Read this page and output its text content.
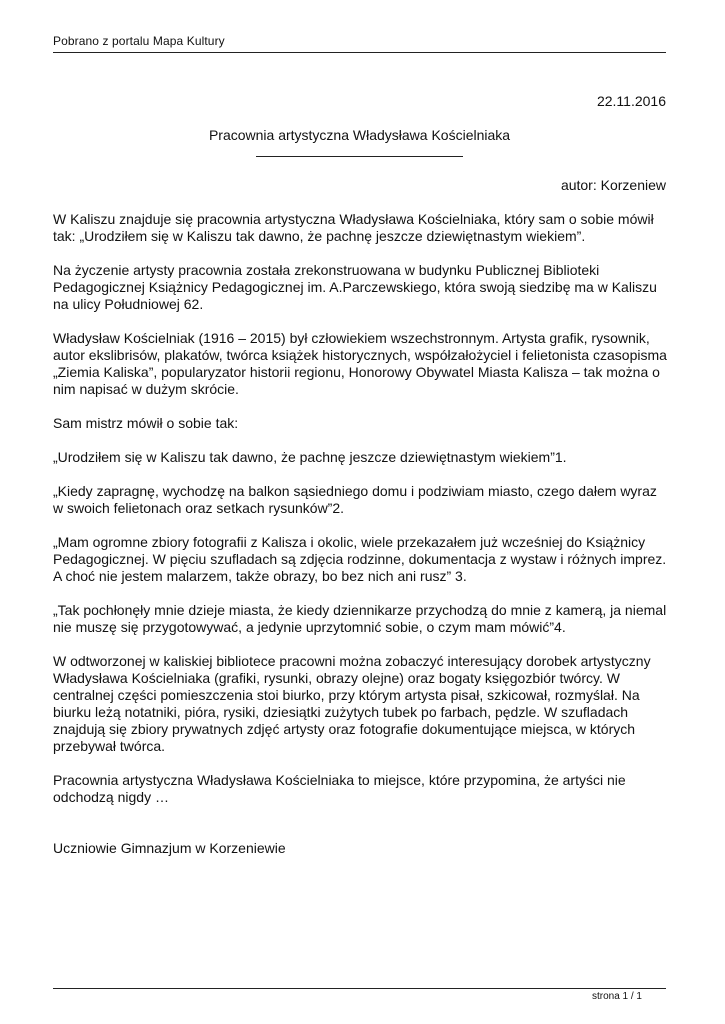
Pobrano z portalu Mapa Kultury
22.11.2016
Pracownia artystyczna Władysława Kościelniaka
autor: Korzeniew

W Kaliszu znajduje się pracownia artystyczna Władysława Kościelniaka, który sam o sobie mówił tak: „Urodziłem się w Kaliszu tak dawno, że pachnę jeszcze dziewiętnastym wiekiem”.

Na życzenie artysty pracownia została zrekonstruowana w budynku Publicznej Biblioteki Pedagogicznej Książnicy Pedagogicznej im. A.Parczewskiego, która swoją siedzibę ma w Kaliszu na ulicy Południowej 62.

Władysław Kościelniak (1916 – 2015) był człowiekiem wszechstronnym. Artysta grafik, rysownik, autor ekslibrisów, plakatów, twórca książek historycznych, współzałożyciel i felietonista czasopisma „Ziemia Kaliska”, popularyzator historii regionu, Honorowy Obywatel Miasta Kalisza – tak można o nim napisać w dużym skrócie.

Sam mistrz mówił o sobie tak:

„Urodziłem się w Kaliszu tak dawno, że pachnę jeszcze dziewiętnastym wiekiem”1.

„Kiedy zapragnę, wychodzę na balkon sąsiedniego domu i podziwiam miasto, czego dałem wyraz w swoich felietonach oraz setkach rysunków”2.

„Mam ogromne zbiory fotografii z Kalisza i okolic, wiele przekazałem już wcześniej do Książnicy Pedagogicznej. W pięciu szufladach są zdjęcia rodzinne, dokumentacja z wystaw i różnych imprez. A choć nie jestem malarzem, także obrazy, bo bez nich ani rusz” 3.

„Tak pochłonęły mnie dzieje miasta, że kiedy dziennikarze przychodzą do mnie z kamerą, ja niemal nie muszę się przygotowywać, a jedynie uprzytomnić sobie, o czym mam mówić”4.

W odtworzonej w kaliskiej bibliotece pracowni można zobaczyć interesujący dorobek artystyczny Władysława Kościelniaka (grafiki, rysunki, obrazy olejne) oraz bogaty księgozbiór twórcy. W centralnej części pomieszczenia stoi biurko, przy którym artysta pisał, szkicował, rozmyślał. Na biurku leżą notatniki, pióra, rysiki, dziesiątki zużytych tubek po farbach, pędzle. W szufladach znajdują się zbiory prywatnych zdjęć artysty oraz fotografie dokumentujące miejsca, w których przebywał twórca.

Pracownia artystyczna Władysława Kościelniaka to miejsce, które przypomina, że artyści nie odchodzą nigdy …

Uczniowie Gimnazjum w Korzeniewie

strona 1 / 1
